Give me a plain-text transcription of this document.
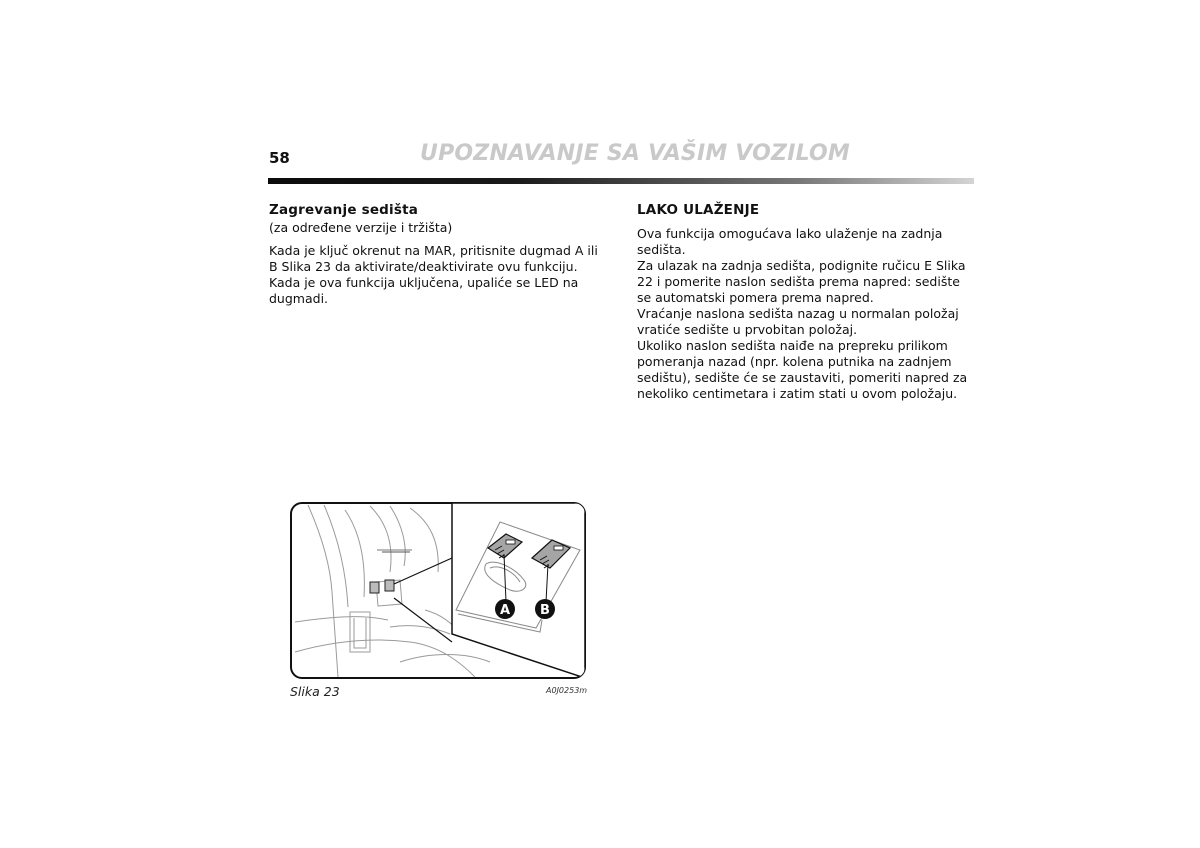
58	UPOZNAVANJE SA VAŠIM VOZILOM
Zagrevanje sedišta
(za određene verzije i tržišta)

Kada je ključ okrenut na MAR, pritisnite dugmad A ili B Slika 23 da aktivirate/deaktivirate ovu funkciju. Kada je ova funkcija uključena, upaliće se LED na dugmadi.

LAKO ULAŽENJE

Ova funkcija omogućava lako ulaženje na zadnja sedišta.

Za ulazak na zadnja sedišta, podignite ručicu E Slika 22 i pomerite naslon sedišta prema napred: sedište se automatski pomera prema napred.

Vraćanje naslona sedišta nazag u normalan položaj vratiće sedište u prvobitan položaj.

Ukoliko naslon sedišta naiđe na prepreku prilikom pomeranja nazad (npr. kolena putnika na zadnjem sedištu), sedište će se zaustaviti, pomeriti napred za nekoliko centimetara i zatim stati u ovom položaju.

A B
Slika 23	A0J0253m
